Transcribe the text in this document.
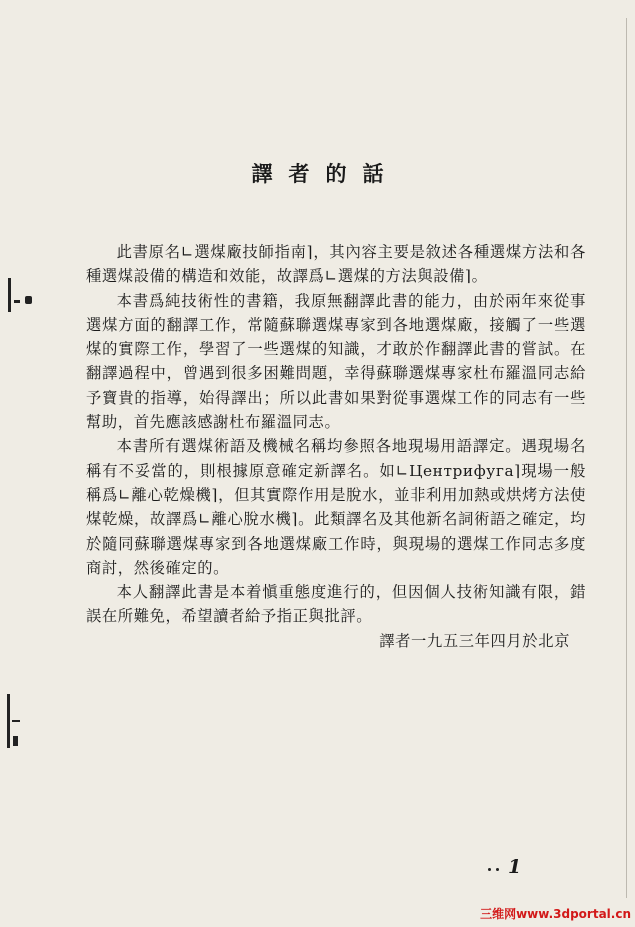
譯者的話

此書原名∟選煤廠技師指南⌉，其內容主要是敘述各種選煤方法和各種選煤設備的構造和效能，故譯爲∟選煤的方法與設備⌉。

本書爲純技術性的書籍，我原無翻譯此書的能力，由於兩年來從事選煤方面的翻譯工作，常隨蘇聯選煤專家到各地選煤廠，接觸了一些選煤的實際工作，學習了一些選煤的知識，才敢於作翻譯此書的嘗試。在翻譯過程中，曾遇到很多困難問題，幸得蘇聯選煤專家杜布羅溫同志給予寶貴的指導，始得譯出；所以此書如果對從事選煤工作的同志有一些幫助，首先應該感謝杜布羅溫同志。

本書所有選煤術語及機械名稱均參照各地現場用語譯定。遇現場名稱有不妥當的，則根據原意確定新譯名。如∟Центрифуга⌉現場一般稱爲∟離心乾燥機⌉，但其實際作用是脫水，並非利用加熱或烘烤方法使煤乾燥，故譯爲∟離心脫水機⌉。此類譯名及其他新名詞術語之確定，均於隨同蘇聯選煤專家到各地選煤廠工作時，與現場的選煤工作同志多度商討，然後確定的。

本人翻譯此書是本着愼重態度進行的，但因個人技術知識有限，錯誤在所難免，希望讀者給予指正與批評。

譯者一九五三年四月於北京

1
三维网www.3dportal.cn
